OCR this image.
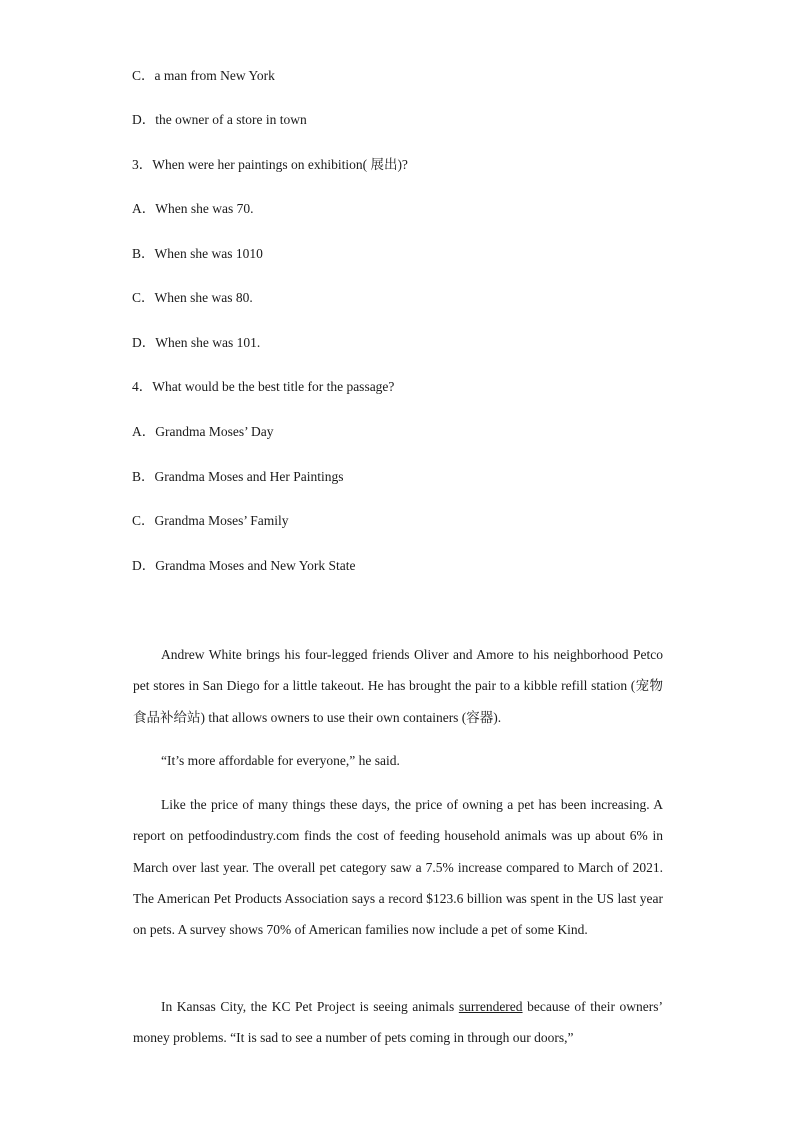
C．a man from New York
D．the owner of a store in town
3．When were her paintings on exhibition( 展出)?
A．When she was 70.
B．When she was 1010
C．When she was 80.
D．When she was 101.
4．What would be the best title for the passage?
A．Grandma Moses’ Day
B．Grandma Moses and Her Paintings
C．Grandma Moses’ Family
D．Grandma Moses and New York State
Andrew White brings his four-legged friends Oliver and Amore to his neighborhood Petco pet stores in San Diego for a little takeout. He has brought the pair to a kibble refill station (宠物食品补给站) that allows owners to use their own containers (容器).
“It’s more affordable for everyone,” he said.
Like the price of many things these days, the price of owning a pet has been increasing. A report on petfoodindustry.com finds the cost of feeding household animals was up about 6% in March over last year. The overall pet category saw a 7.5% increase compared to March of 2021. The American Pet Products Association says a record $123.6 billion was spent in the US last year on pets. A survey shows 70% of American families now include a pet of some Kind.
In Kansas City, the KC Pet Project is seeing animals surrendered because of their owners’ money problems. “It is sad to see a number of pets coming in through our doors,”
